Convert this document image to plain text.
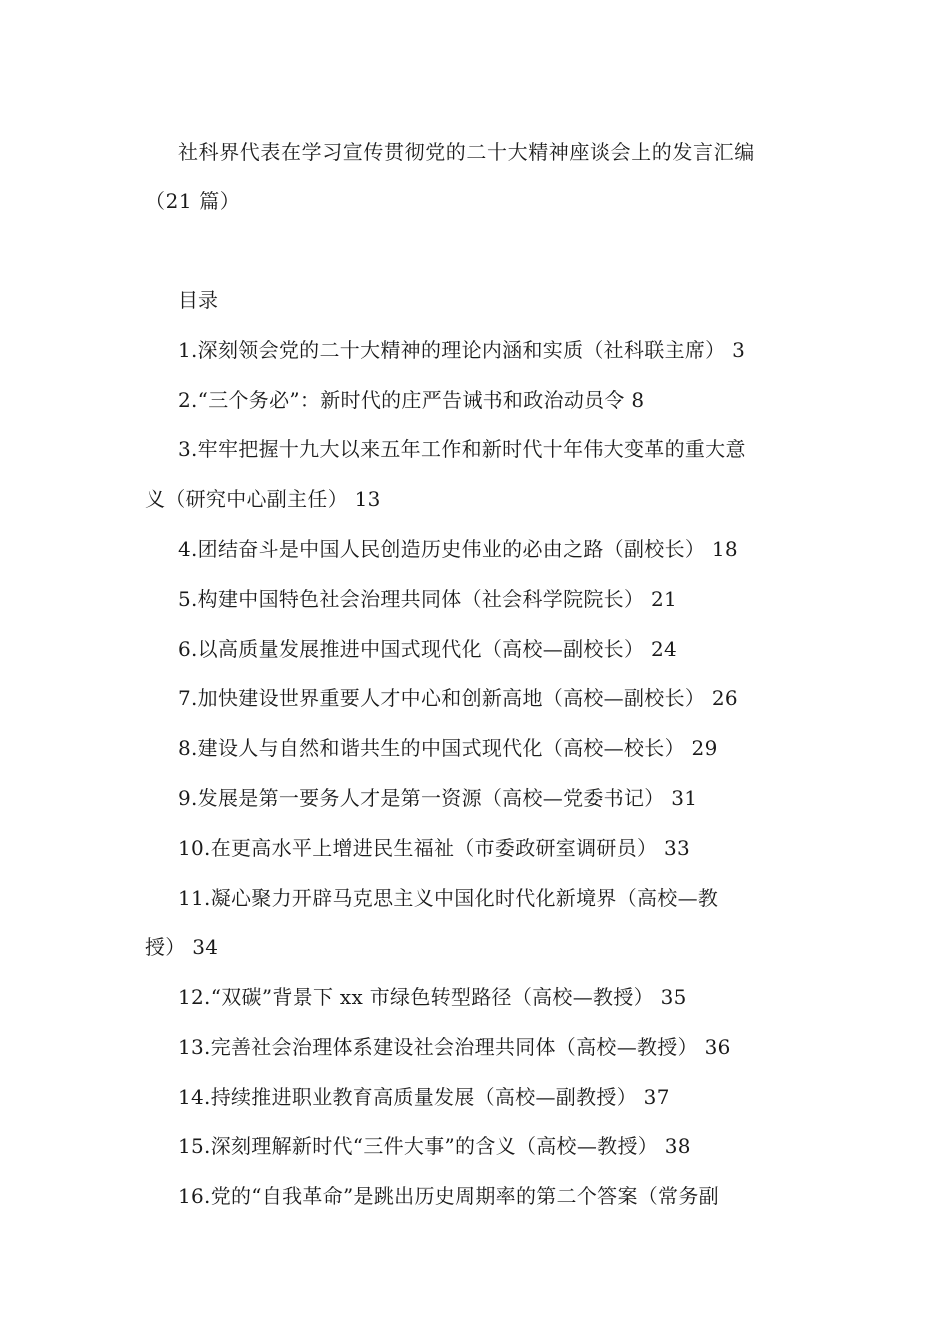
社科界代表在学习宣传贯彻党的二十大精神座谈会上的发言汇编
（21 篇）
目录
1.深刻领会党的二十大精神的理论内涵和实质（社科联主席） 3
2.“三个务必”：新时代的庄严告诫书和政治动员令 8
3.牢牢把握十九大以来五年工作和新时代十年伟大变革的重大意
义（研究中心副主任） 13
4.团结奋斗是中国人民创造历史伟业的必由之路（副校长） 18
5.构建中国特色社会治理共同体（社会科学院院长） 21
6.以高质量发展推进中国式现代化（高校—副校长） 24
7.加快建设世界重要人才中心和创新高地（高校—副校长） 26
8.建设人与自然和谐共生的中国式现代化（高校—校长） 29
9.发展是第一要务人才是第一资源（高校—党委书记） 31
10.在更高水平上增进民生福祉（市委政研室调研员） 33
11.凝心聚力开辟马克思主义中国化时代化新境界（高校—教
授） 34
12.“双碳”背景下 xx 市绿色转型路径（高校—教授） 35
13.完善社会治理体系建设社会治理共同体（高校—教授） 36
14.持续推进职业教育高质量发展（高校—副教授） 37
15.深刻理解新时代“三件大事”的含义（高校—教授） 38
16.党的“自我革命”是跳出历史周期率的第二个答案（常务副
